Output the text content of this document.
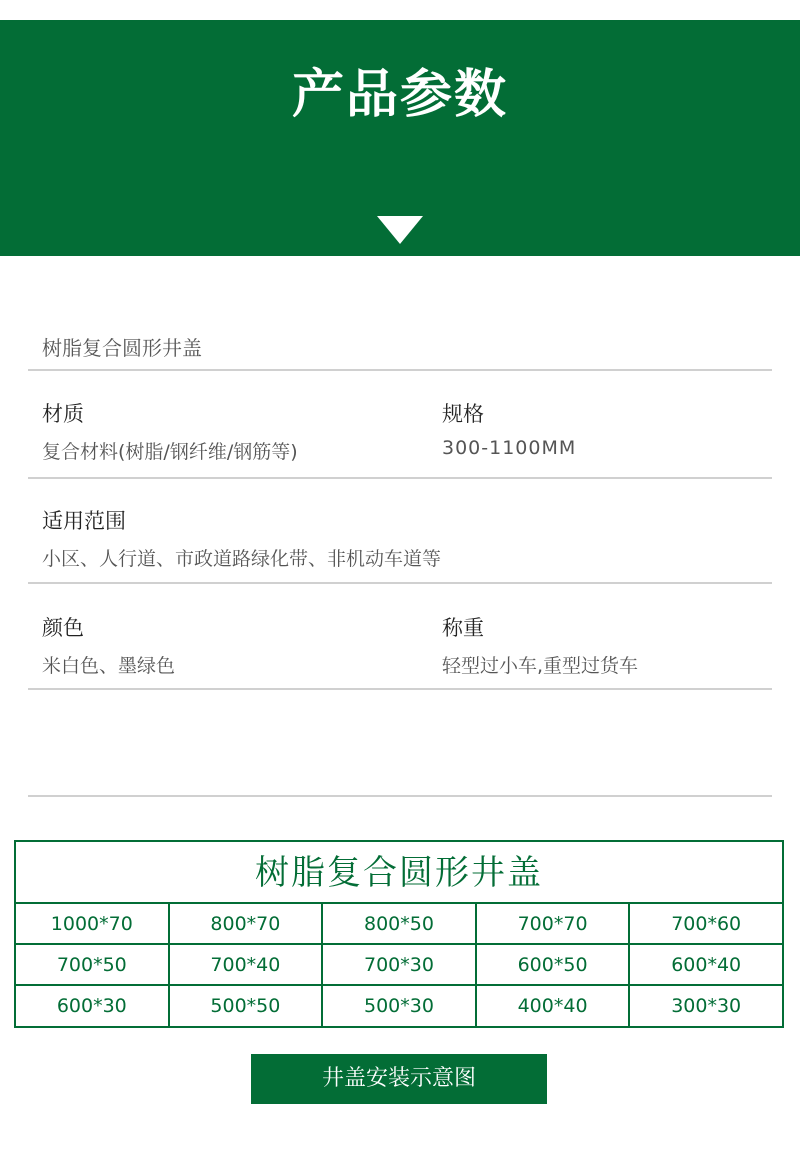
产品参数
树脂复合圆形井盖
材质
复合材料(树脂/钢纤维/钢筋等)
规格
300-1100MM
适用范围
小区、人行道、市政道路绿化带、非机动车道等
颜色
米白色、墨绿色
称重
轻型过小车,重型过货车
树脂复合圆形井盖
1000*70	800*70	800*50	700*70	700*60
700*50	700*40	700*30	600*50	600*40
600*30	500*50	500*30	400*40	300*30
井盖安装示意图
